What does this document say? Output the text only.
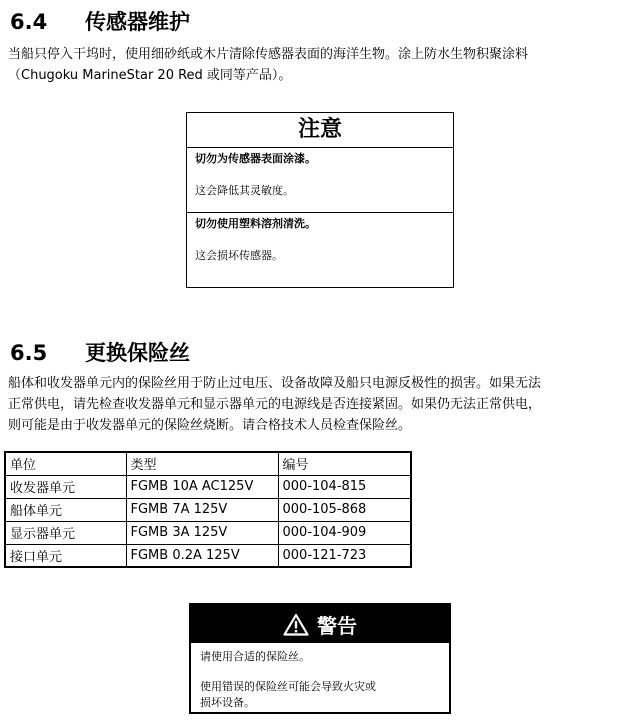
6.4 传感器维护

当船只停入干坞时，使用细砂纸或木片清除传感器表面的海洋生物。涂上防水生物积聚涂料

（Chugoku MarineStar 20 Red 或同等产品）。

注意
切勿为传感器表面涂漆。
这会降低其灵敏度。
切勿使用塑料溶剂清洗。
这会损坏传感器。
6.5 更换保险丝

船体和收发器单元内的保险丝用于防止过电压、设备故障及船只电源反极性的损害。如果无法

正常供电，请先检查收发器单元和显示器单元的电源线是否连接紧固。如果仍无法正常供电，

则可能是由于收发器单元的保险丝烧断。请合格技术人员检查保险丝。

单位	类型	编号
收发器单元	FGMB 10A AC125V	000-104-815
船体单元	FGMB 7A 125V	000-105-868
显示器单元	FGMB 3A 125V	000-104-909
接口单元	FGMB 0.2A 125V	000-121-723
警告

请使用合适的保险丝。

使用错误的保险丝可能会导致火灾或

损坏设备。
